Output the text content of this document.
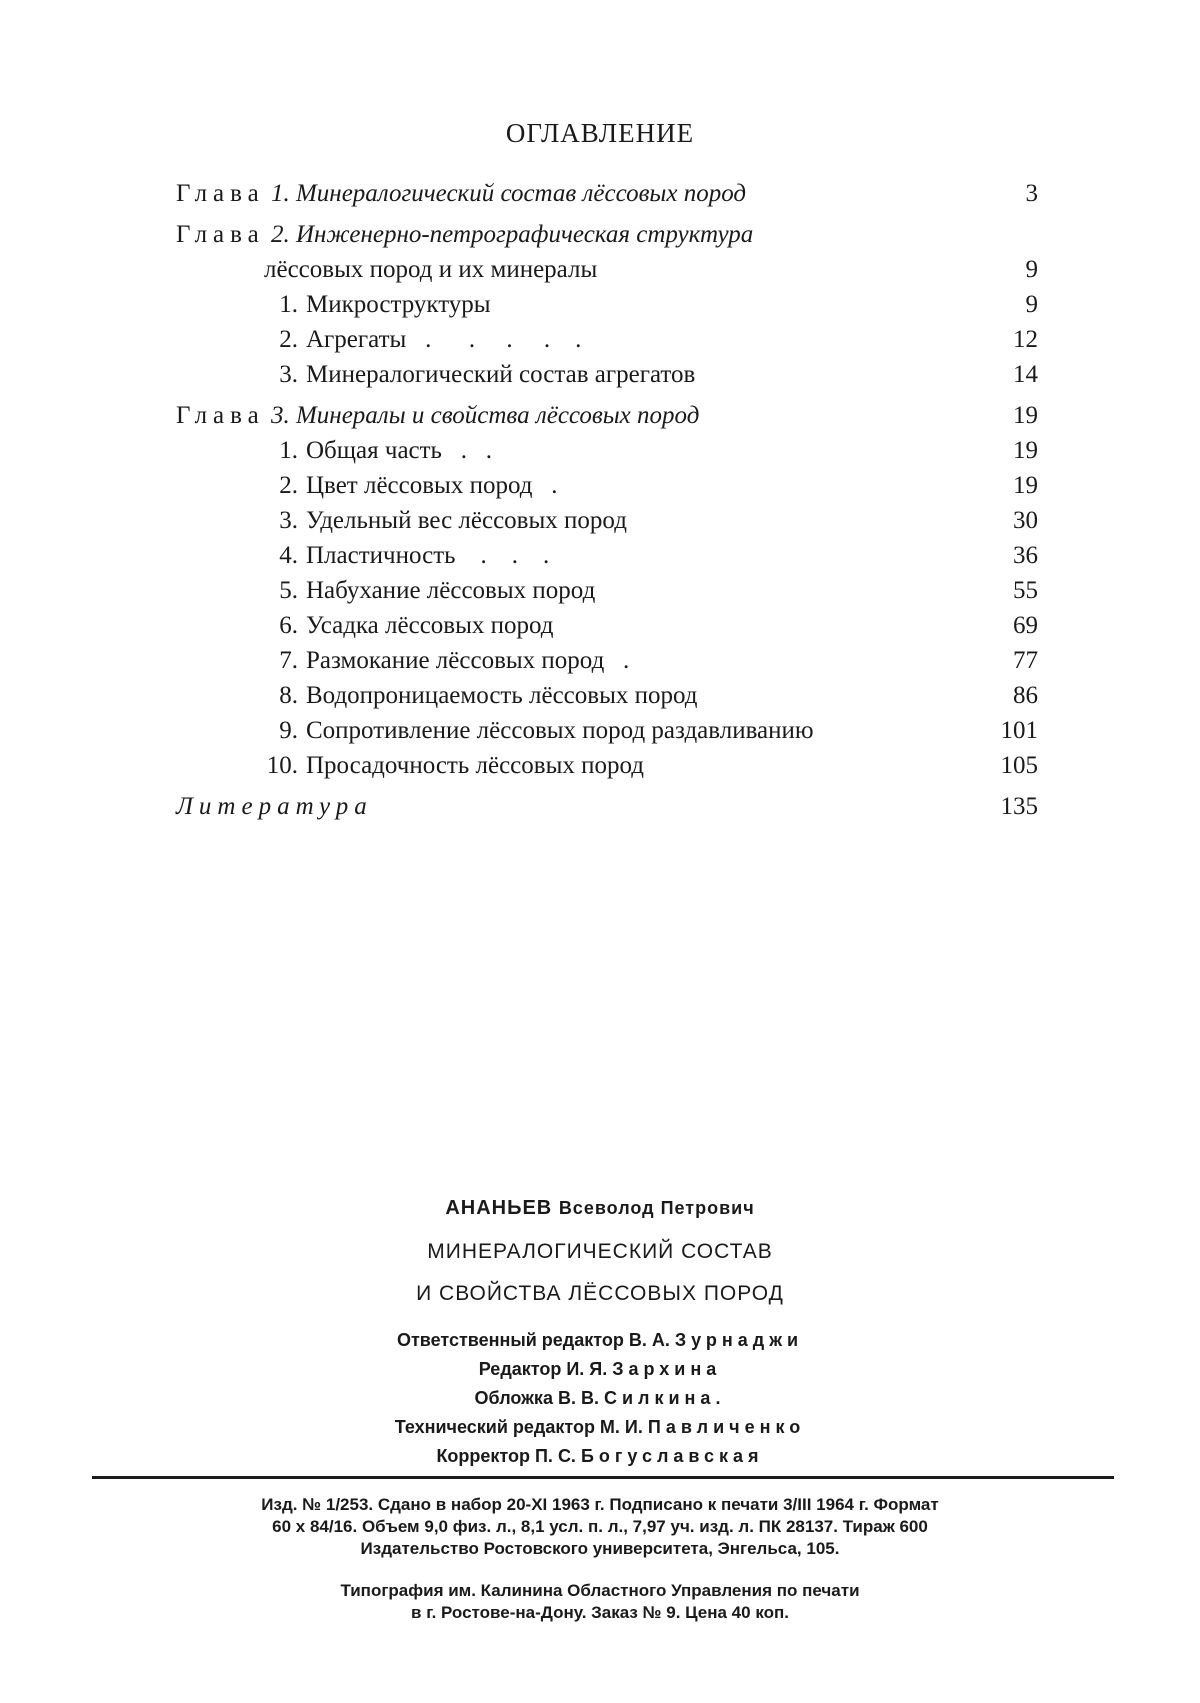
ОГЛАВЛЕНИЕ
Глава 1. Минералогический состав лёссовых пород	3
Глава 2. Инженерно-петрографическая структура
лёссовых пород и их минералы	9
1. Микроструктуры	9
2. Агрегаты   .      .     .     .    .	12
3. Минералогический состав агрегатов	14
Глава 3. Минералы и свойства лёссовых пород	19
1. Общая часть   .   .	19
2. Цвет лёссовых пород   .	19
3. Удельный вес лёссовых пород	30
4. Пластичность    .    .    .	36
5. Набухание лёссовых пород	55
6. Усадка лёссовых пород	69
7. Размокание лёссовых пород   .	77
8. Водопроницаемость лёссовых пород	86
9. Сопротивление лёссовых пород раздавливанию	101
10. Просадочность лёссовых пород	105
Литература	135
АНАНЬЕВ Всеволод Петрович
МИНЕРАЛОГИЧЕСКИЙ СОСТАВ
И СВОЙСТВА ЛЁССОВЫХ ПОРОД
Ответственный редактор В. А. Зурнаджи
Редактор И. Я. Зархина
Обложка В. В. Силкина.
Технический редактор М. И. Павличенко
Корректор П. С. Богуславская
Изд. № 1/253. Сдано в набор 20-XI 1963 г. Подписано к печати 3/III 1964 г. Формат
60 х 84/16. Объем 9,0 физ. л., 8,1 усл. п. л., 7,97 уч. изд. л. ПК 28137. Тираж 600
Издательство Ростовского университета, Энгельса, 105.
Типография им. Калинина Областного Управления по печати
в г. Ростове-на-Дону. Заказ № 9. Цена 40 коп.
